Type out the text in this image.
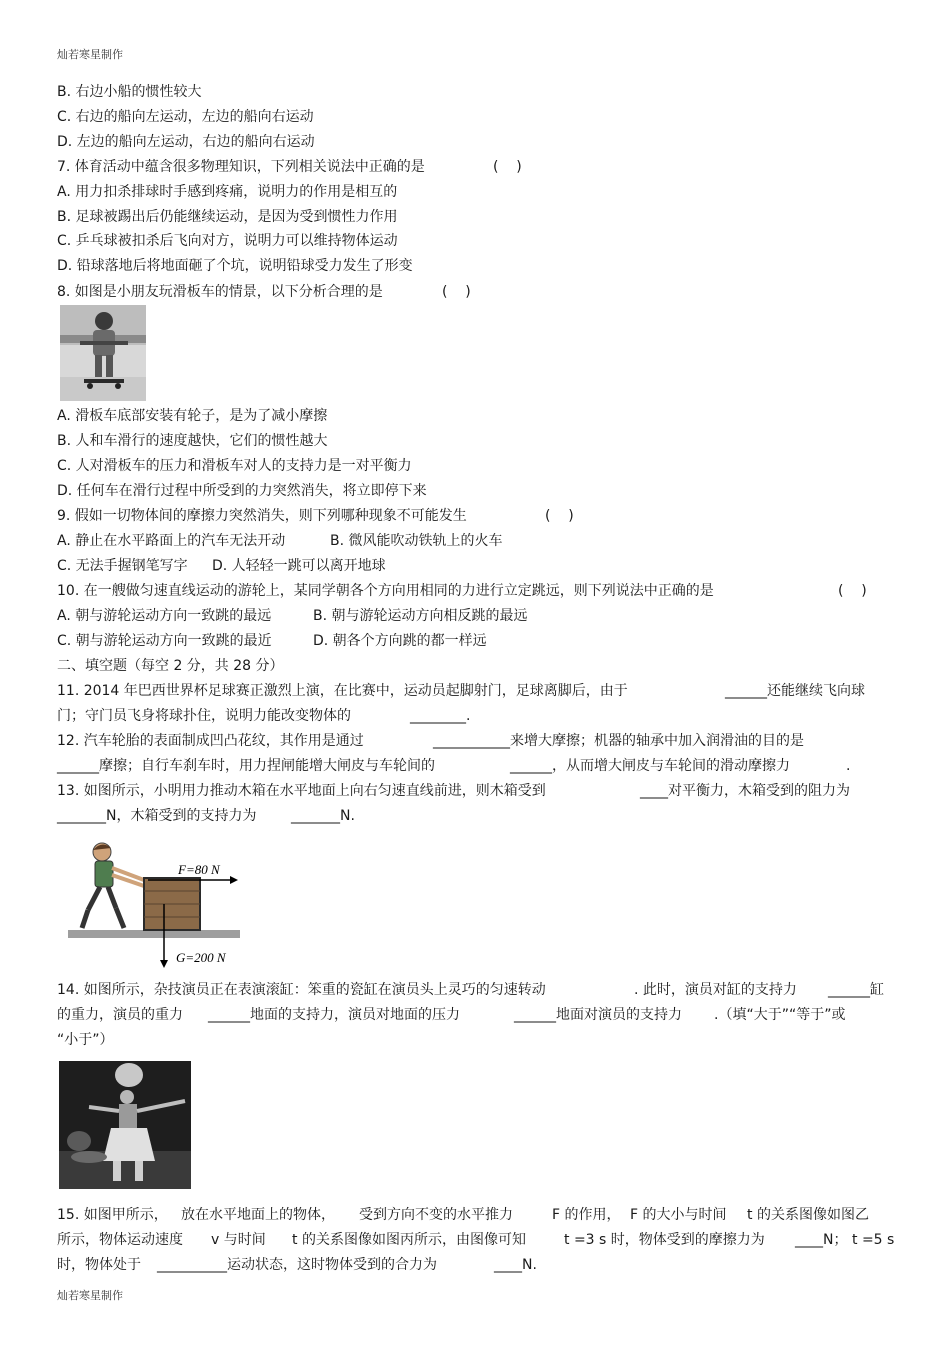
灿若寒星制作
B. 右边小船的惯性较大
C. 右边的船向左运动，左边的船向右运动
D. 左边的船向左运动，右边的船向右运动
7. 体育活动中蕴含很多物理知识，下列相关说法中正确的是	(    )
A. 用力扣杀排球时手感到疼痛，说明力的作用是相互的
B. 足球被踢出后仍能继续运动，是因为受到惯性力作用
C. 乒乓球被扣杀后飞向对方，说明力可以维持物体运动
D. 铅球落地后将地面砸了个坑，说明铅球受力发生了形变
8. 如图是小朋友玩滑板车的情景，以下分析合理的是	(    )
A. 滑板车底部安装有轮子，是为了减小摩擦
B. 人和车滑行的速度越快，它们的惯性越大
C. 人对滑板车的压力和滑板车对人的支持力是一对平衡力
D. 任何车在滑行过程中所受到的力突然消失，将立即停下来
9. 假如一切物体间的摩擦力突然消失，则下列哪种现象不可能发生	(    )
A. 静止在水平路面上的汽车无法开动	B. 微风能吹动铁轨上的火车
C. 无法手握钢笔写字 D. 人轻轻一跳可以离开地球
10. 在一艘做匀速直线运动的游轮上，某同学朝各个方向用相同的力进行立定跳远，则下列说法中正确的是	(    )
A. 朝与游轮运动方向一致跳的最远	B. 朝与游轮运动方向相反跳的最远
C. 朝与游轮运动方向一致跳的最近	D. 朝各个方向跳的都一样远
二、填空题（每空 2 分，共 28 分）
11. 2014 年巴西世界杯足球赛正激烈上演，在比赛中，运动员起脚射门，足球离脚后，由于	______还能继续飞向球
门；守门员飞身将球扑住，说明力能改变物体的	________.
12. 汽车轮胎的表面制成凹凸花纹，其作用是通过	___________来增大摩擦；机器的轴承中加入润滑油的目的是
______摩擦；自行车刹车时，用力捏闸能增大闸皮与车轮间的	______，从而增大闸皮与车轮间的滑动摩擦力	.
13. 如图所示，小明用力推动木箱在水平地面上向右匀速直线前进，则木箱受到	____对平衡力，木箱受到的阻力为
_______N，木箱受到的支持力为 _______N.
F=80 N
G=200 N
14. 如图所示，杂技演员正在表演滚缸：笨重的瓷缸在演员头上灵巧的匀速转动	. 此时，演员对缸的支持力 ______缸
的重力，演员的重力 ______地面的支持力，演员对地面的压力	______地面对演员的支持力 .（填“大于”“等于”或
“小于”）
15. 如图甲所示， 放在水平地面上的物体， 受到方向不变的水平推力	F 的作用， F 的大小与时间 t 的关系图像如图乙
所示，物体运动速度 v 与时间 t 的关系图像如图丙所示，由图像可知	t =3 s 时，物体受到的摩擦力为 ____N； t =5 s
时，物体处于 __________运动状态，这时物体受到的合力为	____N.
灿若寒星制作
